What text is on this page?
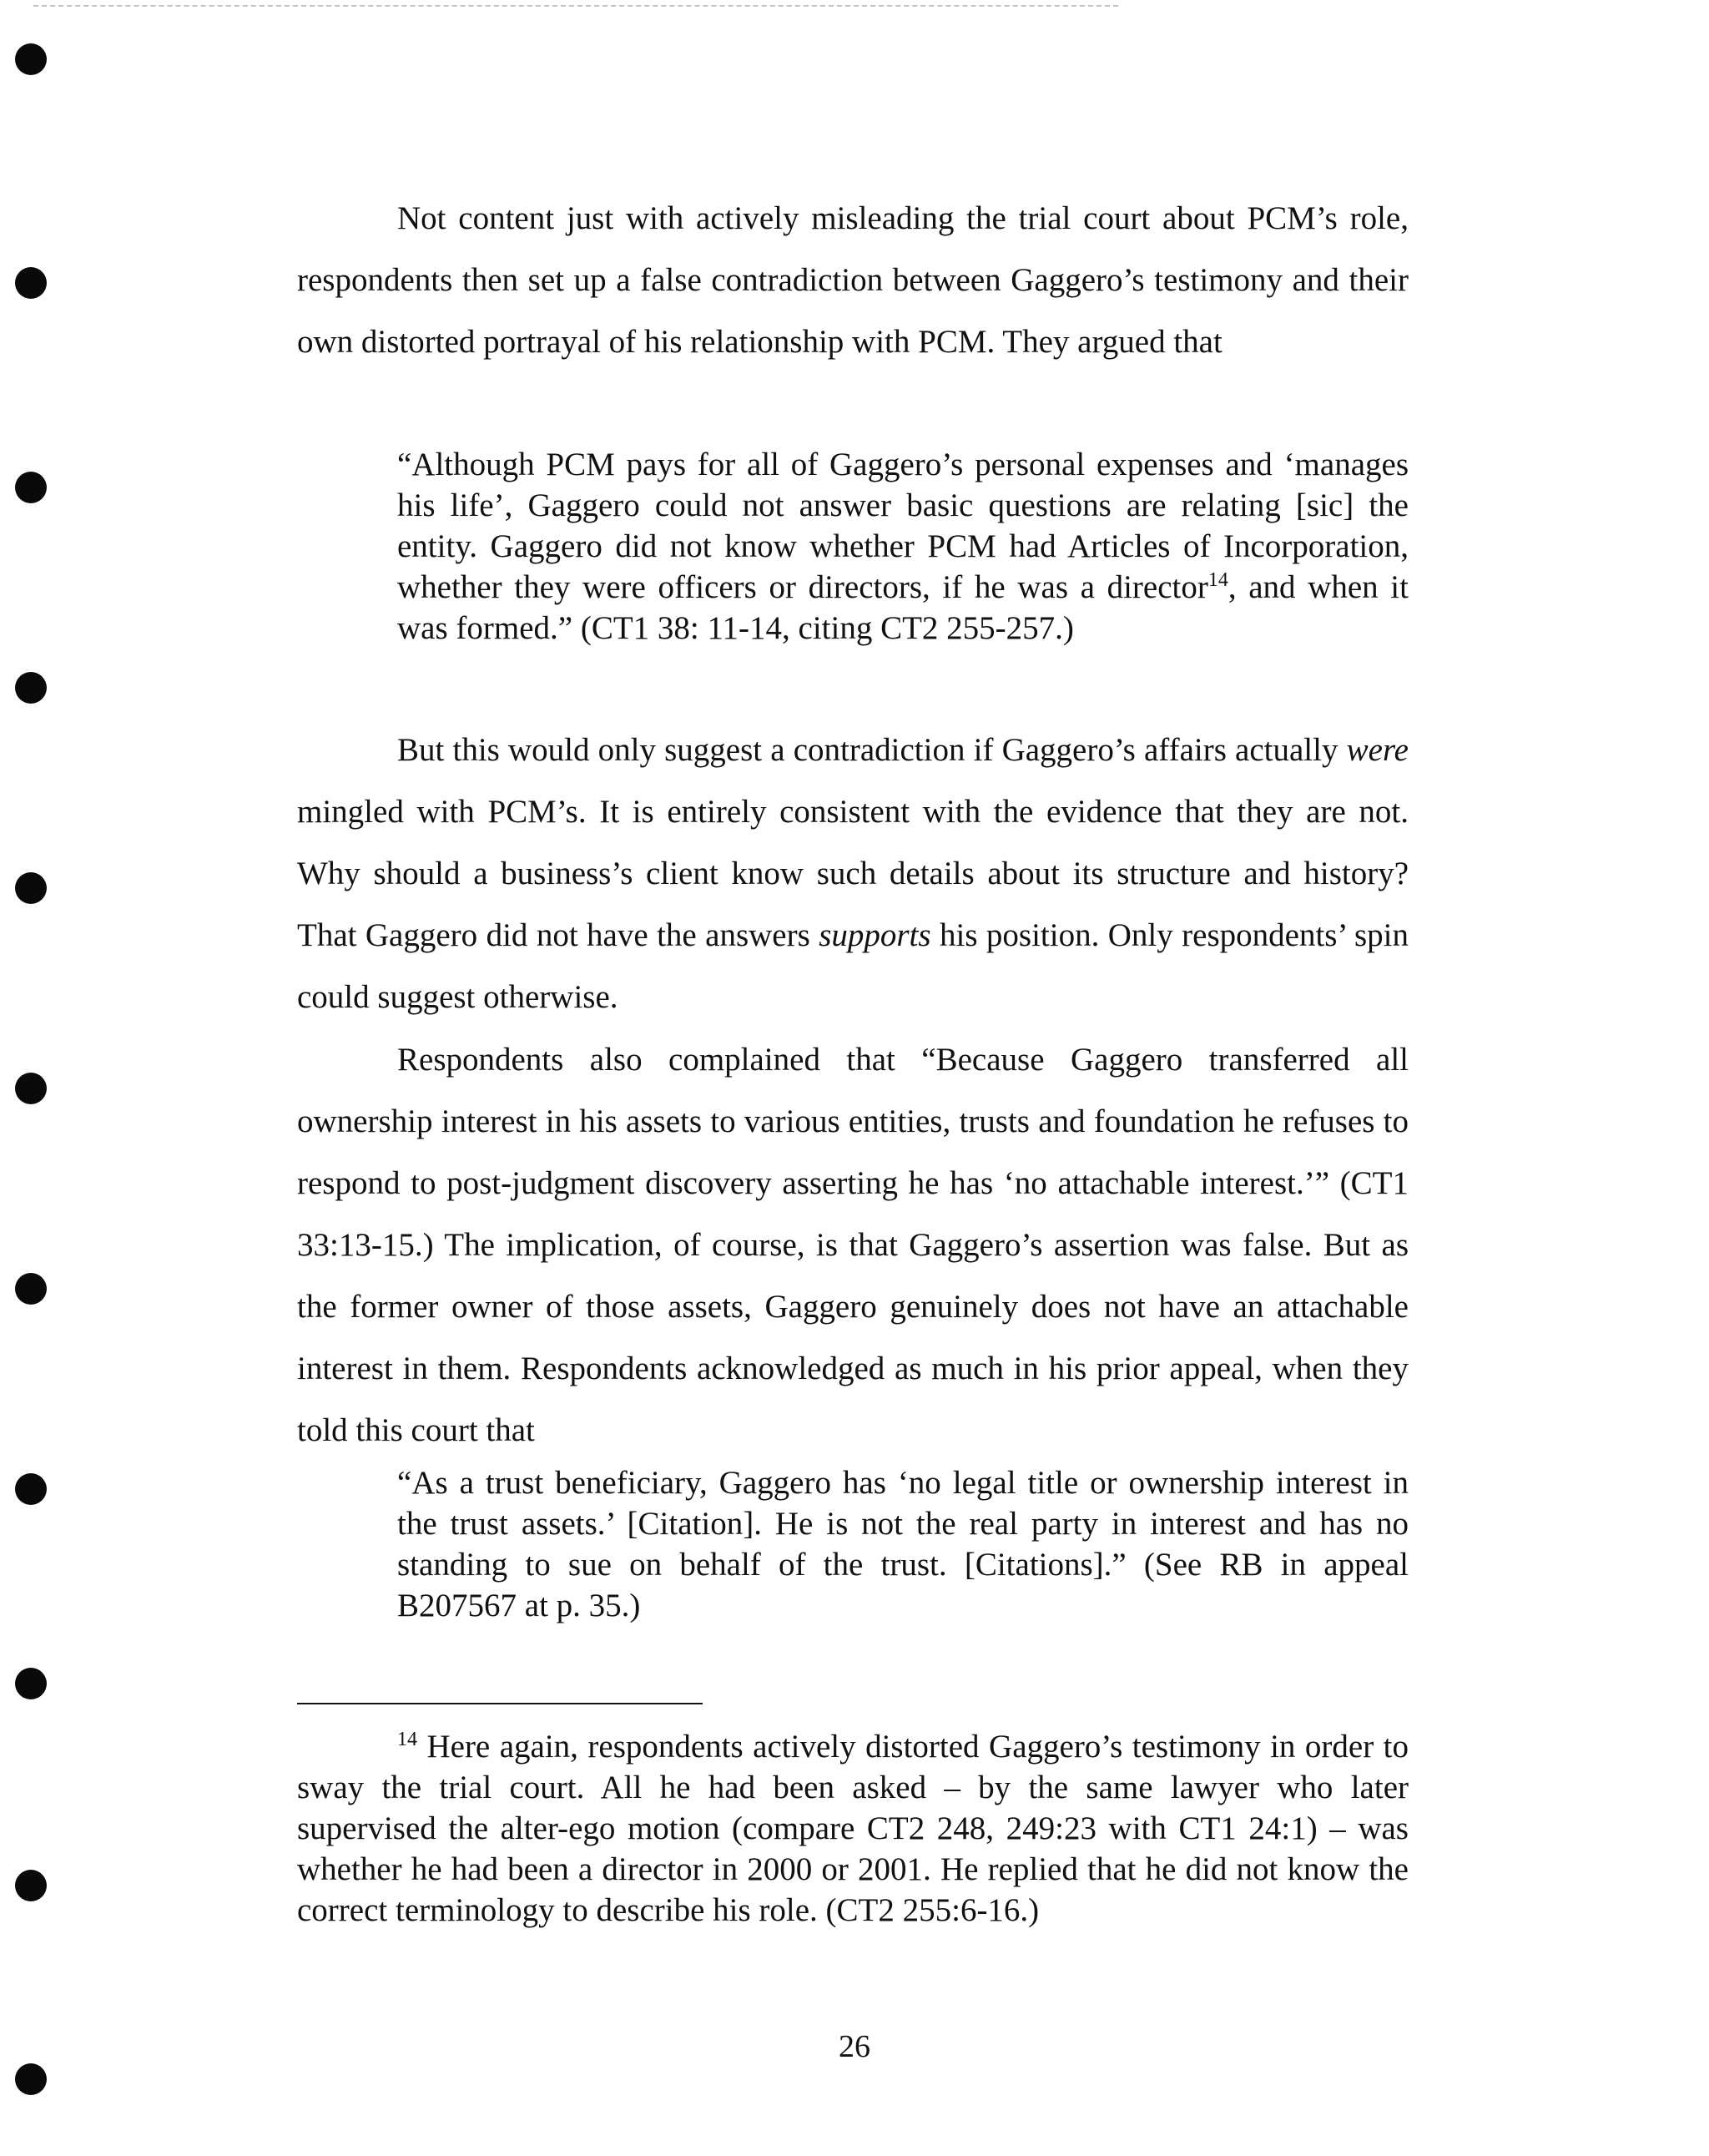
Not content just with actively misleading the trial court about PCM’s role, respondents then set up a false contradiction between Gaggero’s testimony and their own distorted portrayal of his relationship with PCM. They argued that

“Although PCM pays for all of Gaggero’s personal expenses and ‘manages his life’, Gaggero could not answer basic questions are relating [sic] the entity. Gaggero did not know whether PCM had Articles of Incorporation, whether they were officers or directors, if he was a director$^{14}$, and when it was formed.” (CT1 38: 11-14, citing CT2 255-257.)

But this would only suggest a contradiction if Gaggero’s affairs actually were mingled with PCM’s. It is entirely consistent with the evidence that they are not. Why should a business’s client know such details about its structure and history? That Gaggero did not have the answers supports his position. Only respondents’ spin could suggest otherwise.

Respondents also complained that “Because Gaggero transferred all ownership interest in his assets to various entities, trusts and foundation he refuses to respond to post-judgment discovery asserting he has ‘no attachable interest.’” (CT1 33:13-15.) The implication, of course, is that Gaggero’s assertion was false. But as the former owner of those assets, Gaggero genuinely does not have an attachable interest in them. Respondents acknowledged as much in his prior appeal, when they told this court that

“As a trust beneficiary, Gaggero has ‘no legal title or ownership interest in the trust assets.’ [Citation]. He is not the real party in interest and has no standing to sue on behalf of the trust. [Citations].” (See RB in appeal B207567 at p. 35.)

$^{14}$ Here again, respondents actively distorted Gaggero’s testimony in order to sway the trial court. All he had been asked – by the same lawyer who later supervised the alter-ego motion (compare CT2 248, 249:23 with CT1 24:1) – was whether he had been a director in 2000 or 2001. He replied that he did not know the correct terminology to describe his role. (CT2 255:6-16.)

26
